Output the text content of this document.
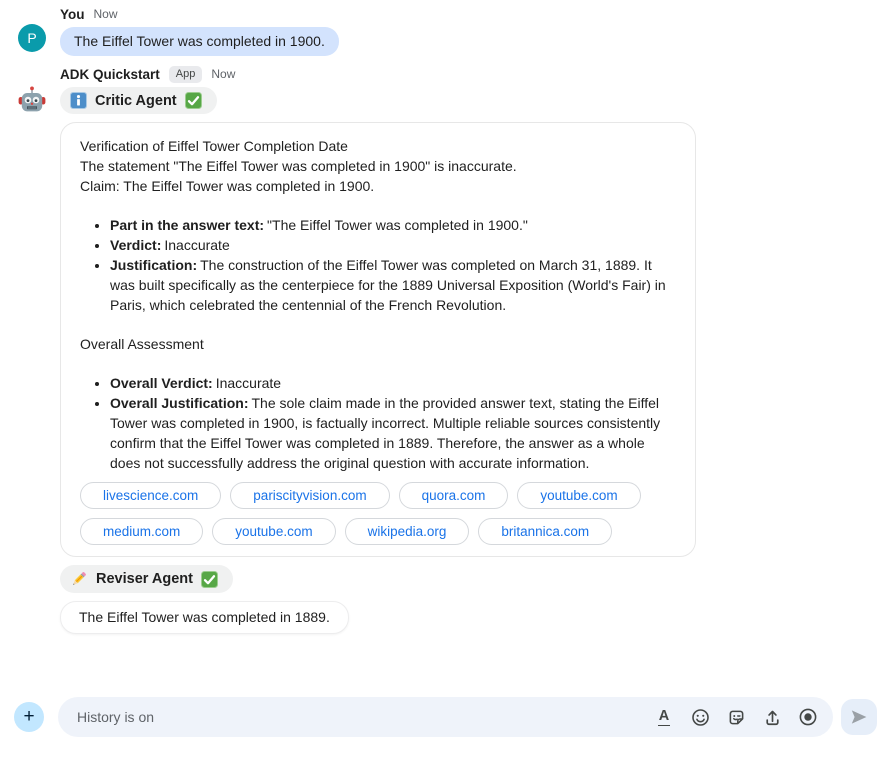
P
You Now
The Eiffel Tower was completed in 1900.
ADK Quickstart	App	Now
Critic Agent

Verification of Eiffel Tower Completion Date

The statement "The Eiffel Tower was completed in 1900" is inaccurate.

Claim: The Eiffel Tower was completed in 1900.

• Part in the answer text: "The Eiffel Tower was completed in 1900."
• Verdict: Inaccurate
• Justification: The construction of the Eiffel Tower was completed on March 31, 1889. It was built specifically as the centerpiece for the 1889 Universal Exposition (World's Fair) in Paris, which celebrated the centennial of the French Revolution.

Overall Assessment

• Overall Verdict: Inaccurate
• Overall Justification: The sole claim made in the provided answer text, stating the Eiffel Tower was completed in 1900, is factually incorrect. Multiple reliable sources consistently confirm that the Eiffel Tower was completed in 1889. Therefore, the answer as a whole does not successfully address the original question with accurate information.
livescience.com	pariscityvision.com	quora.com	youtube.com
medium.com	youtube.com	wikipedia.org	britannica.com
Reviser Agent
The Eiffel Tower was completed in 1889.
+
History is on	A
